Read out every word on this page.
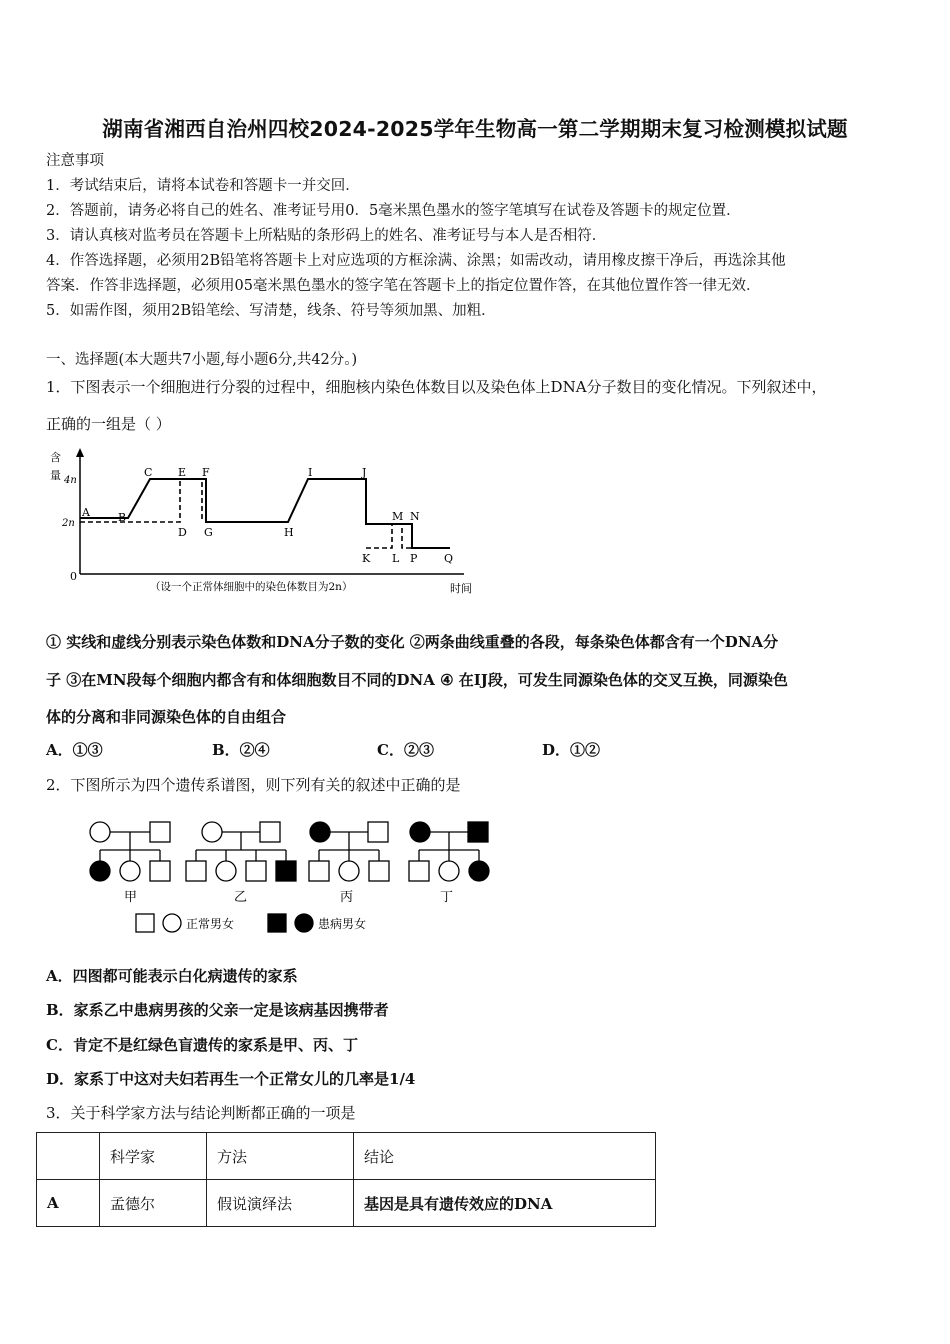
湖南省湘西自治州四校2024-2025学年生物高一第二学期期末复习检测模拟试题
注意事项
1．考试结束后，请将本试卷和答题卡一并交回．
2．答题前，请务必将自己的姓名、准考证号用0．5毫米黑色墨水的签字笔填写在试卷及答题卡的规定位置．
3．请认真核对监考员在答题卡上所粘贴的条形码上的姓名、准考证号与本人是否相符．
4．作答选择题，必须用2B铅笔将答题卡上对应选项的方框涂满、涂黑；如需改动，请用橡皮擦干净后，再选涂其他
答案．作答非选择题，必须用05毫米黑色墨水的签字笔在答题卡上的指定位置作答，在其他位置作答一律无效．
5．如需作图，须用2B铅笔绘、写清楚，线条、符号等须加黑、加粗．
一、选择题(本大题共7小题,每小题6分,共42分。)
1．下图表示一个细胞进行分裂的过程中，细胞核内染色体数目以及染色体上DNA分子数目的变化情况。下列叙述中，
正确的一组是（ ）
含
量 4n
2n
0
A	B
C E F
D G	H
I	J
M N
K L P Q
（设一个正常体细胞中的染色体数目为2n）	时间
① 实线和虚线分别表示染色体数和DNA分子数的变化 ②两条曲线重叠的各段，每条染色体都含有一个DNA分
子 ③在MN段每个细胞内都含有和体细胞数目不同的DNA ④ 在IJ段，可发生同源染色体的交叉互换，同源染色
体的分离和非同源染色体的自由组合
A．①③	B．②④	C．②③	D．①②
2．下图所示为四个遗传系谱图，则下列有关的叙述中正确的是
甲	乙	丙	丁
正常男女	患病男女
A．四图都可能表示白化病遗传的家系
B．家系乙中患病男孩的父亲一定是该病基因携带者
C．肯定不是红绿色盲遗传的家系是甲、丙、丁
D．家系丁中这对夫妇若再生一个正常女儿的几率是1/4
3．关于科学家方法与结论判断都正确的一项是
	科学家	方法	结论
A	孟德尔	假说演绎法	基因是具有遗传效应的DNA
